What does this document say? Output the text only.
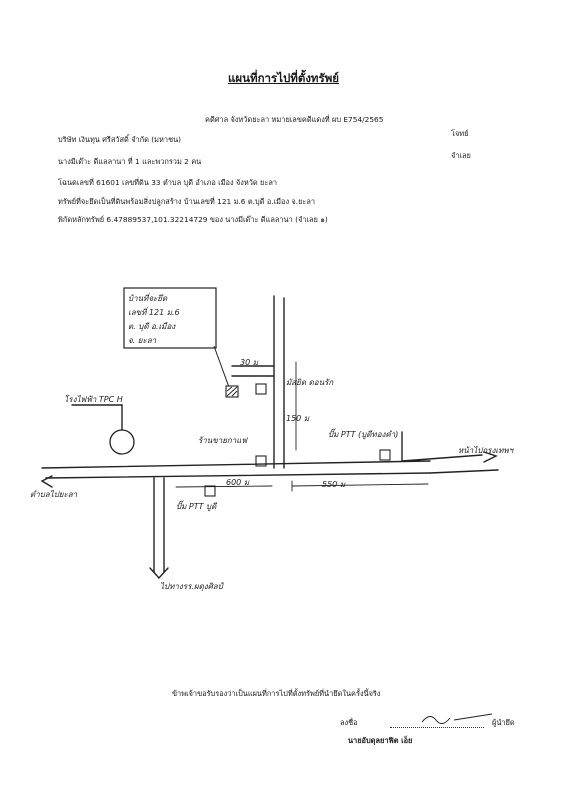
แผนที่การไปที่ตั้งทรัพย์
คดีศาล จังหวัดยะลา หมายเลขคดีแดงที่ ผบ E754/2565
บริษัท เงินทุน ศรีสวัสดิ์ จำกัด (มหาชน)
โจทย์
นางมีเด๊าะ ดีแลลานา ที่ 1 และพวกรวม 2 คน
จำเลย
โฉนดเลขที่ 61601 เลขที่ดิน 33 ตำบล บุดี อำเภอ เมือง จังหวัด ยะลา
ทรัพย์ที่จะยึดเป็นที่ดินพร้อมสิ่งปลูกสร้าง บ้านเลขที่ 121 ม.6 ต.บุดี อ.เมือง จ.ยะลา
พิกัดหลักทรัพย์ 6.47889537,101.32214729 ของ นางมีเด๊าะ ดีแลลานา (จำเลย ๑)
บ้านที่จะยึด
เลขที่ 121 ม.6
ต. บุดี อ.เมือง
จ. ยะลา
30 ม
มัสยิด ดอนรัก
150 ม
โรงไฟฟ้า TPC H
ร้านขายกาแฟ
ปั๊ม PTT (บูดีทองคำ)
หน้าไปกรุงเทพฯ
ตำบลไปยะลา
600 ม	550 ม
ปั๊ม PTT บูดี
ไปทางรร.ผดุงศิลป์
ข้าพเจ้าขอรับรองว่าเป็นแผนที่การไปที่ตั้งทรัพย์ที่นำยึดในครั้งนี้จริง
ลงชื่อ	ผู้นำยึด
นายอับดุลยาฟิต เอ็ย
